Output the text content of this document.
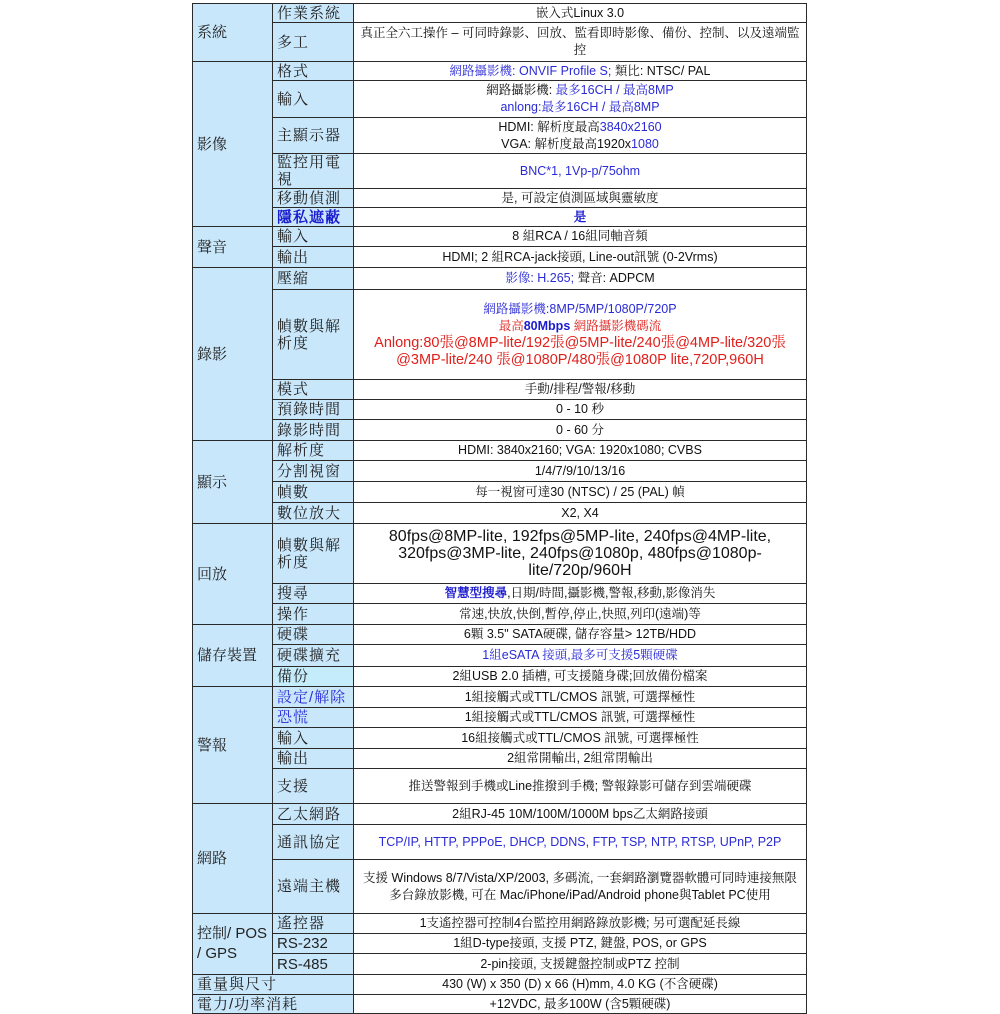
系統	作業系統	嵌入式Linux 3.0
	多工	真正全六工操作 – 可同時錄影、回放、監看即時影像、備份、控制、以及遠端監控
影像	格式	網路攝影機: ONVIF Profile S; 類比: NTSC/ PAL
	輸入	網路攝影機: 最多16CH / 最高8MP
anlong:最多16CH / 最高8MP
	主顯示器	HDMI: 解析度最高3840x2160
VGA: 解析度最高1920x1080
	監控用電視	BNC*1, 1Vp-p/75ohm
	移動偵測	是, 可設定偵測區域與靈敏度
	隱私遮蔽	是
聲音	輸入	8 組RCA / 16組同軸音頻
	輸出	HDMI; 2 組RCA-jack接頭, Line-out訊號 (0-2Vrms)
錄影	壓縮	影像: H.265; 聲音: ADPCM
	幀數與解析度	網路攝影機:8MP/5MP/1080P/720P
最高80Mbps 網路攝影機碼流
Anlong:80張@8MP-lite/192張@5MP-lite/240張@4MP-lite/320張@3MP-lite/240 張@1080P/480張@1080P lite,720P,960H
	模式	手動/排程/警報/移動
	預錄時間	0 - 10 秒
	錄影時間	0 - 60 分
顯示	解析度	HDMI: 3840x2160; VGA: 1920x1080; CVBS
	分割視窗	1/4/7/9/10/13/16
	幀數	每一視窗可達30 (NTSC) / 25 (PAL) 幀
	數位放大	X2, X4
回放	幀數與解析度	80fps@8MP-lite, 192fps@5MP-lite, 240fps@4MP-lite, 320fps@3MP-lite, 240fps@1080p, 480fps@1080p-lite/720p/960H
	搜尋	智慧型搜尋,日期/時間,攝影機,警報,移動,影像消失
	操作	常速,快放,快倒,暫停,停止,快照,列印(遠端)等
儲存裝置	硬碟	6顆 3.5" SATA硬碟, 儲存容量> 12TB/HDD
	硬碟擴充	1組eSATA 接頭,最多可支援5顆硬碟
	備份	2組USB 2.0 插槽, 可支援隨身碟;回放備份檔案
警報	設定/解除	1組接觸式或TTL/CMOS 訊號, 可選擇極性
	恐慌	1組接觸式或TTL/CMOS 訊號, 可選擇極性
	輸入	16組接觸式或TTL/CMOS 訊號, 可選擇極性
	輸出	2組常開輸出, 2組常閉輸出
	支援	推送警報到手機或Line推撥到手機; 警報錄影可儲存到雲端硬碟
網路	乙太網路	2組RJ-45 10M/100M/1000M bps乙太網路接頭
	通訊協定	TCP/IP, HTTP, PPPoE, DHCP, DDNS, FTP, TSP, NTP, RTSP, UPnP, P2P
	遠端主機	支援 Windows 8/7/Vista/XP/2003, 多碼流, 一套網路瀏覽器軟體可同時連接無限多台錄放影機, 可在 Mac/iPhone/iPad/Android phone與Tablet PC使用
控制/ POS / GPS	遙控器	1支遙控器可控制4台監控用網路錄放影機; 另可選配延長線
	RS-232	1組D-type接頭, 支援 PTZ, 鍵盤, POS, or GPS
	RS-485	2-pin接頭, 支援鍵盤控制或PTZ 控制
重量與尺寸		430 (W) x 350 (D) x 66 (H)mm, 4.0 KG (不含硬碟)
電力/功率消耗		+12VDC, 最多100W (含5顆硬碟)
